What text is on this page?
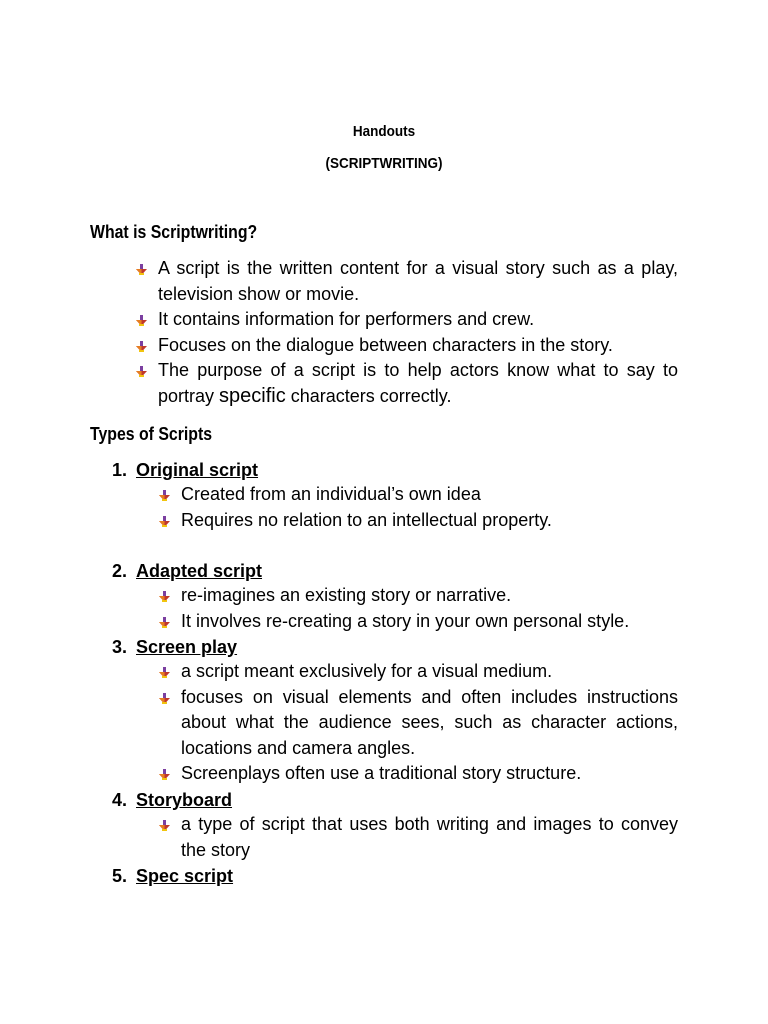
Handouts
(SCRIPTWRITING)
What is Scriptwriting?
A script is the written content for a visual story such as a play, television show or movie.
It contains information for performers and crew.
Focuses on the dialogue between characters in the story.
The purpose of a script is to help actors know what to say to portray specific characters correctly.
Types of Scripts
1. Original script
Created from an individual’s own idea
Requires no relation to an intellectual property.
2. Adapted script
re-imagines an existing story or narrative.
It involves re-creating a story in your own personal style.
3. Screen play
a script meant exclusively for a visual medium.
focuses on visual elements and often includes instructions about what the audience sees, such as character actions, locations and camera angles.
Screenplays often use a traditional story structure.
4. Storyboard
a type of script that uses both writing and images to convey the story
5. Spec script
